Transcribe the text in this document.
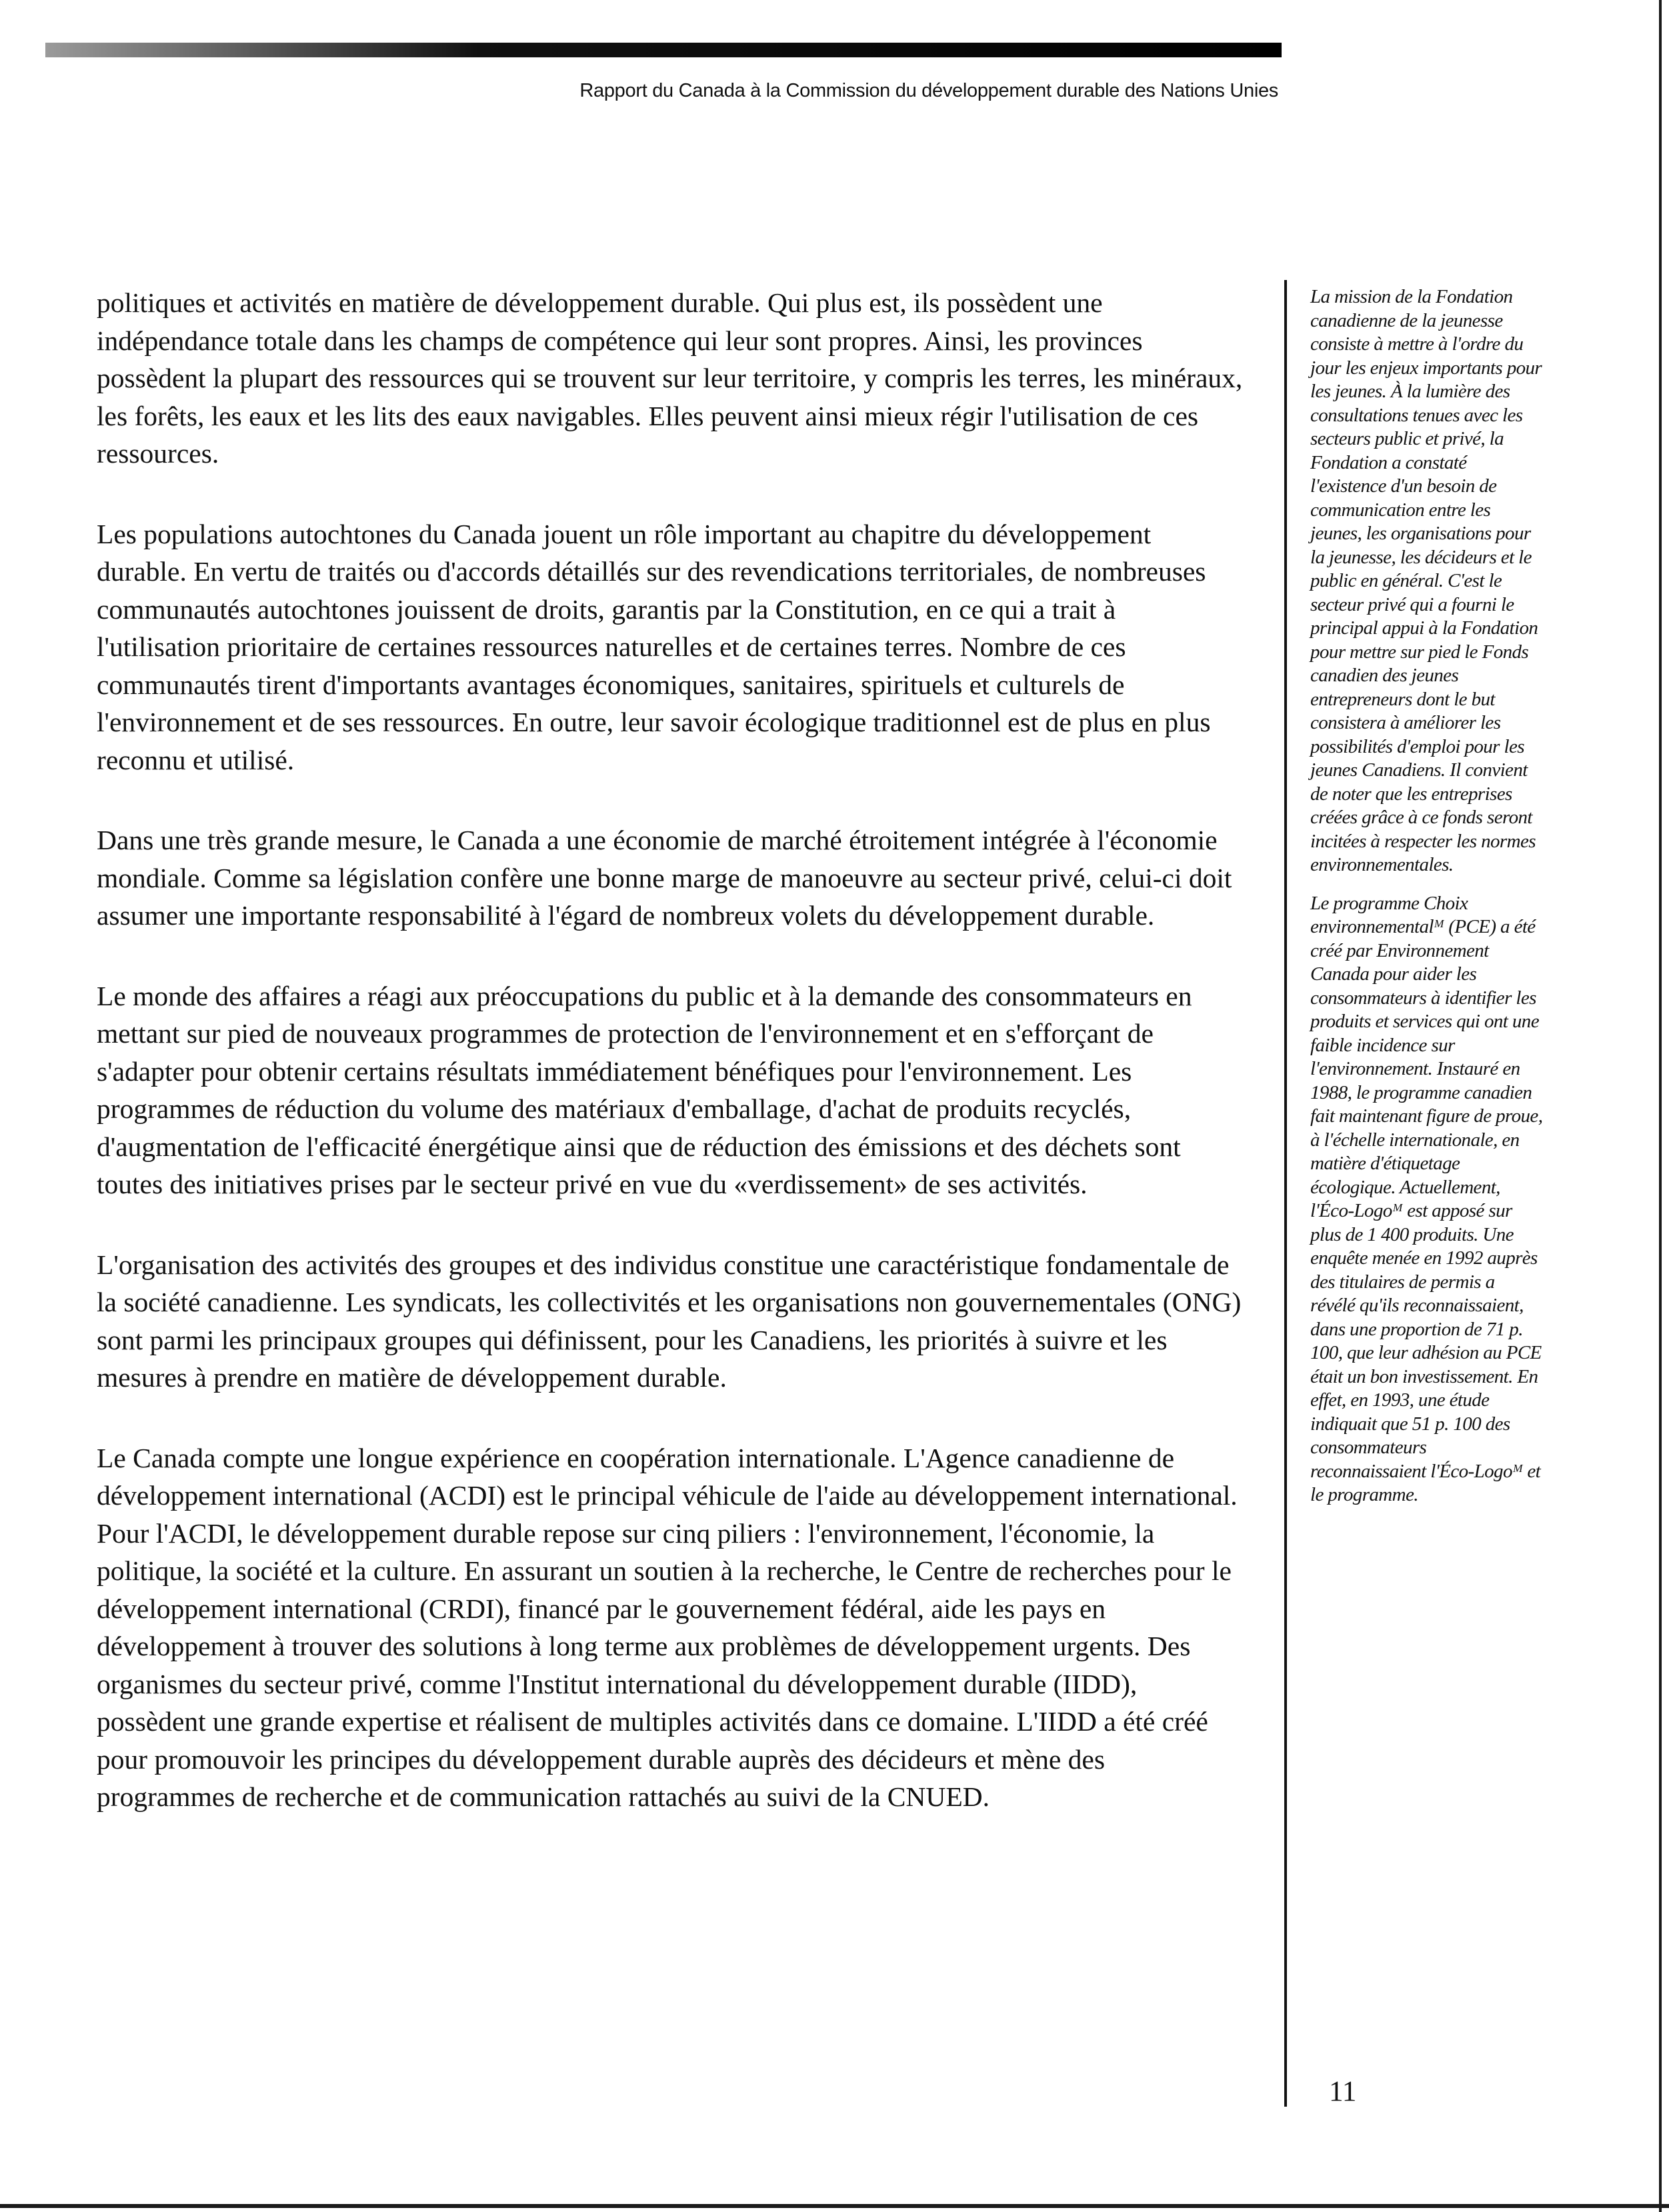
Rapport du Canada à la Commission du développement durable des Nations Unies

politiques et activités en matière de développement durable. Qui plus est, ils possèdent une indépendance totale dans les champs de compétence qui leur sont propres. Ainsi, les provinces possèdent la plupart des ressources qui se trouvent sur leur territoire, y compris les terres, les minéraux, les forêts, les eaux et les lits des eaux navigables. Elles peuvent ainsi mieux régir l'utilisation de ces ressources.

Les populations autochtones du Canada jouent un rôle important au chapitre du développement durable. En vertu de traités ou d'accords détaillés sur des revendications territoriales, de nombreuses communautés autochtones jouissent de droits, garantis par la Constitution, en ce qui a trait à l'utilisation prioritaire de certaines ressources naturelles et de certaines terres. Nombre de ces communautés tirent d'importants avantages économiques, sanitaires, spirituels et culturels de l'environnement et de ses ressources. En outre, leur savoir écologique traditionnel est de plus en plus reconnu et utilisé.

Dans une très grande mesure, le Canada a une économie de marché étroitement intégrée à l'économie mondiale. Comme sa législation confère une bonne marge de manoeuvre au secteur privé, celui-ci doit assumer une importante responsabilité à l'égard de nombreux volets du développement durable.

Le monde des affaires a réagi aux préoccupations du public et à la demande des consommateurs en mettant sur pied de nouveaux programmes de protection de l'environnement et en s'efforçant de s'adapter pour obtenir certains résultats immédiatement bénéfiques pour l'environnement. Les programmes de réduction du volume des matériaux d'emballage, d'achat de produits recyclés, d'augmentation de l'efficacité énergétique ainsi que de réduction des émissions et des déchets sont toutes des initiatives prises par le secteur privé en vue du «verdissement» de ses activités.

L'organisation des activités des groupes et des individus constitue une caractéristique fondamentale de la société canadienne. Les syndicats, les collectivités et les organisations non gouvernementales (ONG) sont parmi les principaux groupes qui définissent, pour les Canadiens, les priorités à suivre et les mesures à prendre en matière de développement durable.

Le Canada compte une longue expérience en coopération internationale. L'Agence canadienne de développement international (ACDI) est le principal véhicule de l'aide au développement international. Pour l'ACDI, le développement durable repose sur cinq piliers : l'environnement, l'économie, la politique, la société et la culture. En assurant un soutien à la recherche, le Centre de recherches pour le développement international (CRDI), financé par le gouvernement fédéral, aide les pays en développement à trouver des solutions à long terme aux problèmes de développement urgents. Des organismes du secteur privé, comme l'Institut international du développement durable (IIDD), possèdent une grande expertise et réalisent de multiples activités dans ce domaine. L'IIDD a été créé pour promouvoir les principes du développement durable auprès des décideurs et mène des programmes de recherche et de communication rattachés au suivi de la CNUED.

La mission de la Fondation canadienne de la jeunesse consiste à mettre à l'ordre du jour les enjeux importants pour les jeunes. À la lumière des consultations tenues avec les secteurs public et privé, la Fondation a constaté l'existence d'un besoin de communication entre les jeunes, les organisations pour la jeunesse, les décideurs et le public en général. C'est le secteur privé qui a fourni le principal appui à la Fondation pour mettre sur pied le Fonds canadien des jeunes entrepreneurs dont le but consistera à améliorer les possibilités d'emploi pour les jeunes Canadiens. Il convient de noter que les entreprises créées grâce à ce fonds seront incitées à respecter les normes environnementales.

Le programme Choix environnementalᴹ (PCE) a été créé par Environnement Canada pour aider les consommateurs à identifier les produits et services qui ont une faible incidence sur l'environnement. Instauré en 1988, le programme canadien fait maintenant figure de proue, à l'échelle internationale, en matière d'étiquetage écologique. Actuellement, l'Éco-Logoᴹ est apposé sur plus de 1 400 produits. Une enquête menée en 1992 auprès des titulaires de permis a révélé qu'ils reconnaissaient, dans une proportion de 71 p. 100, que leur adhésion au PCE était un bon investissement. En effet, en 1993, une étude indiquait que 51 p. 100 des consommateurs reconnaissaient l'Éco-Logoᴹ et le programme.

11
